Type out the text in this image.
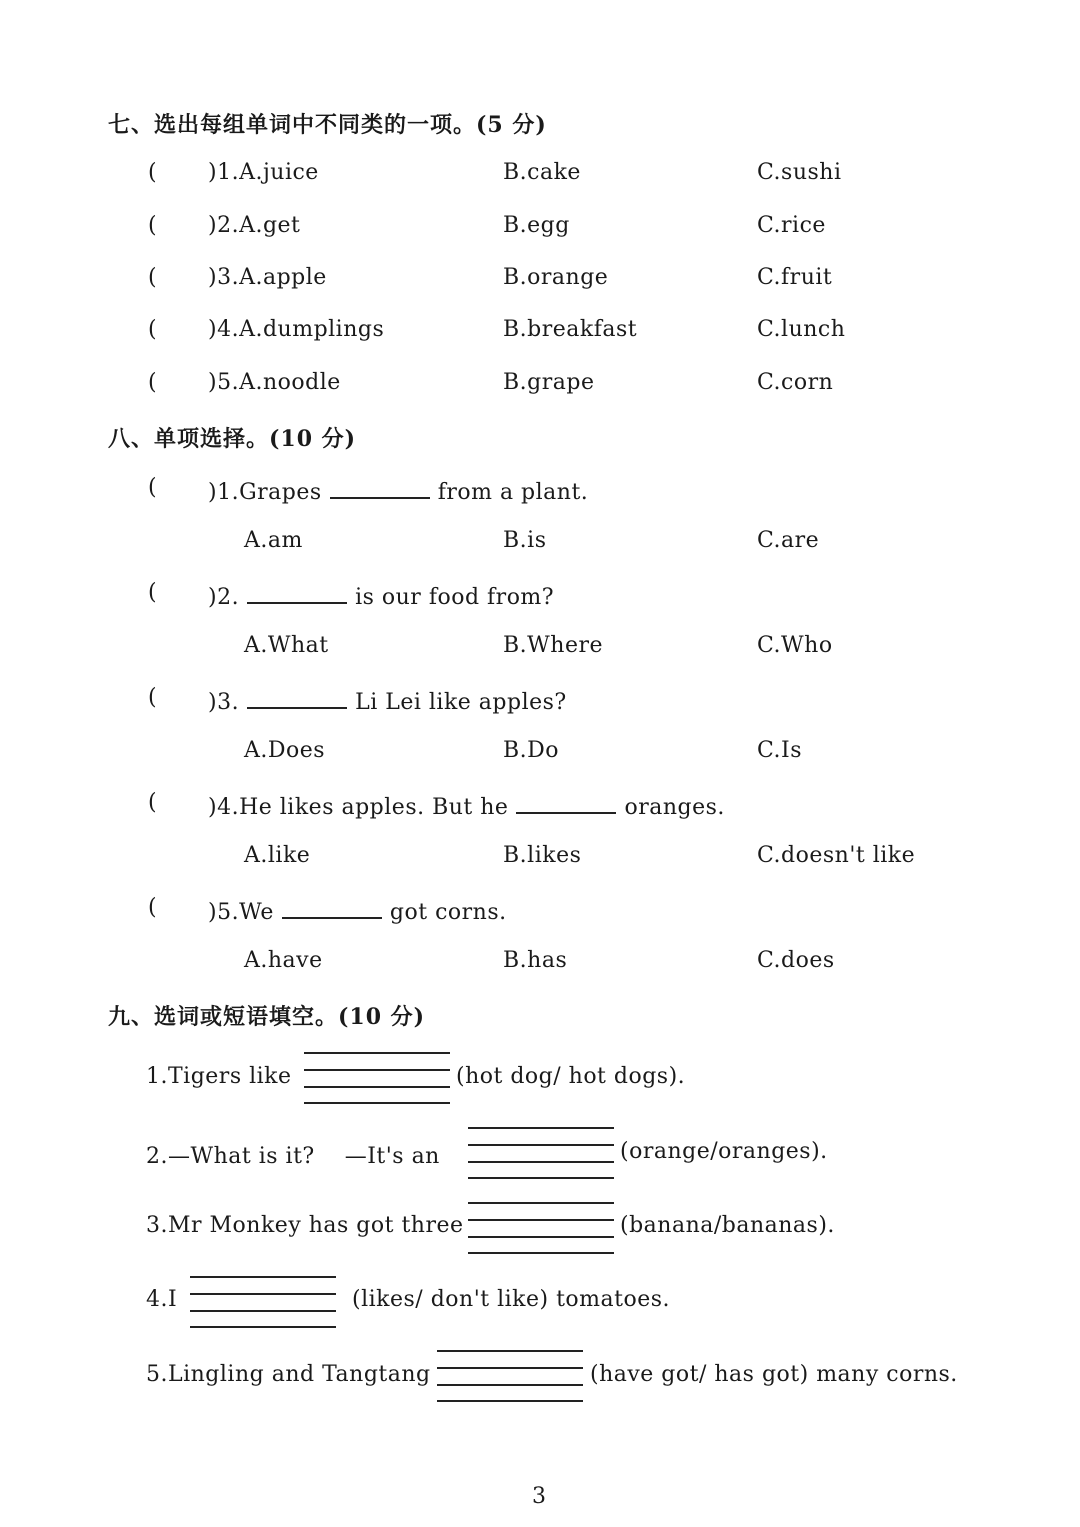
七、选出每组单词中不同类的一项。(5 分)
( )1.A.juice	B.cake	C.sushi
( )2.A.get	B.egg	C.rice
( )3.A.apple	B.orange	C.fruit
( )4.A.dumplings	B.breakfast	C.lunch
( )5.A.noodle	B.grape	C.corn
八、单项选择。(10 分)
( )1.Grapes	from a plant.
A.am	B.is	C.are
( )2.	is our food from?
A.What	B.Where	C.Who
( )3.	Li Lei like apples?
A.Does	B.Do	C.Is
( )4.He likes apples. But he	oranges.
A.like	B.likes	C.doesn't like
( )5.We	got corns.
A.have	B.has	C.does
九、选词或短语填空。(10 分)
1.Tigers like	(hot dog/ hot dogs).
2.—What is it?　 —It's an	(orange/oranges).
3.Mr Monkey has got three	(banana/bananas).
4.I	(likes/ don't like) tomatoes.
5.Lingling and Tangtang	(have got/ has got) many corns.
3
